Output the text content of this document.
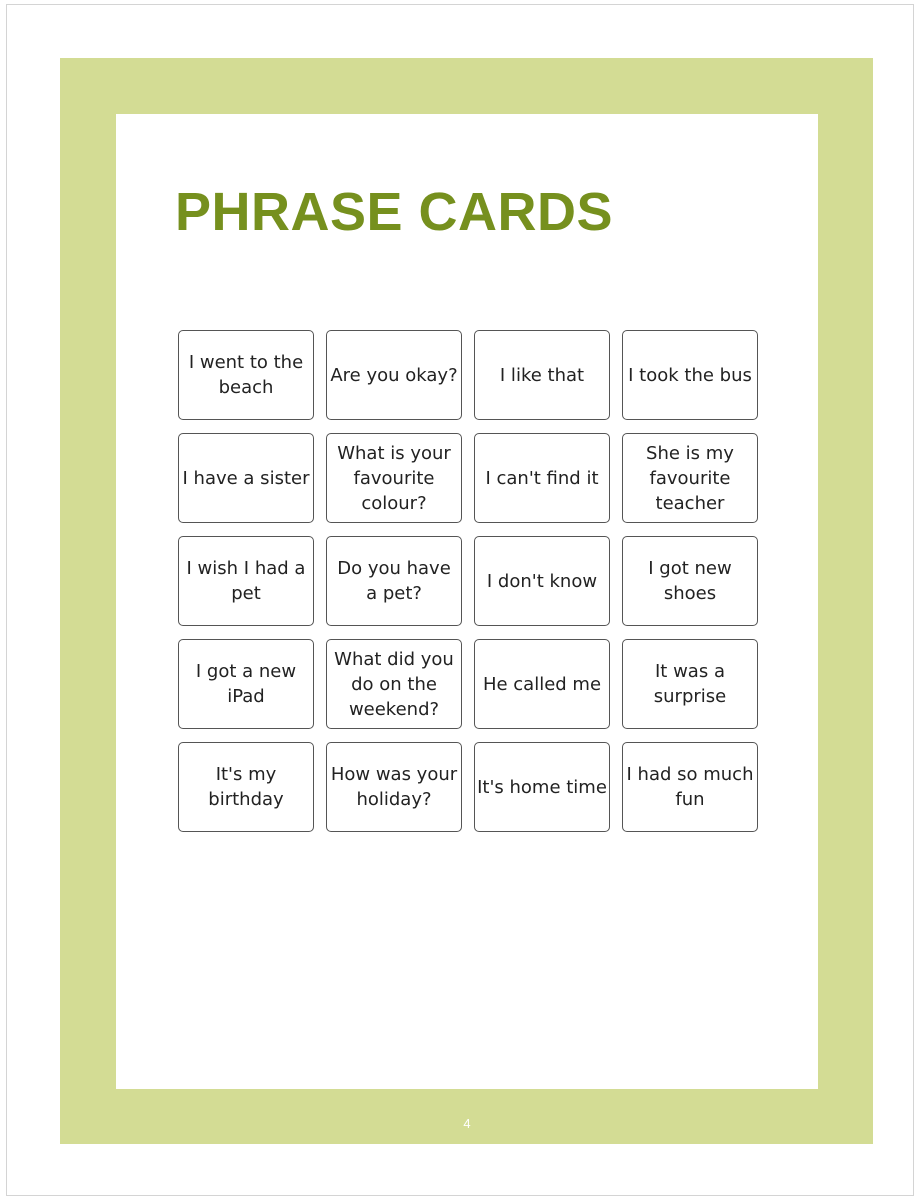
PHRASE CARDS
I went to the beach
Are you okay? I like that I took the bus
I have a sister
What is your favourite colour?
I can't find it
She is my favourite teacher
I wish I had a pet
Do you have a pet?
I don't know
I got new shoes
I got a new iPad
What did you do on the weekend?
He called me
It was a surprise
It's my birthday
How was your holiday?
It's home time
I had so much fun
4
